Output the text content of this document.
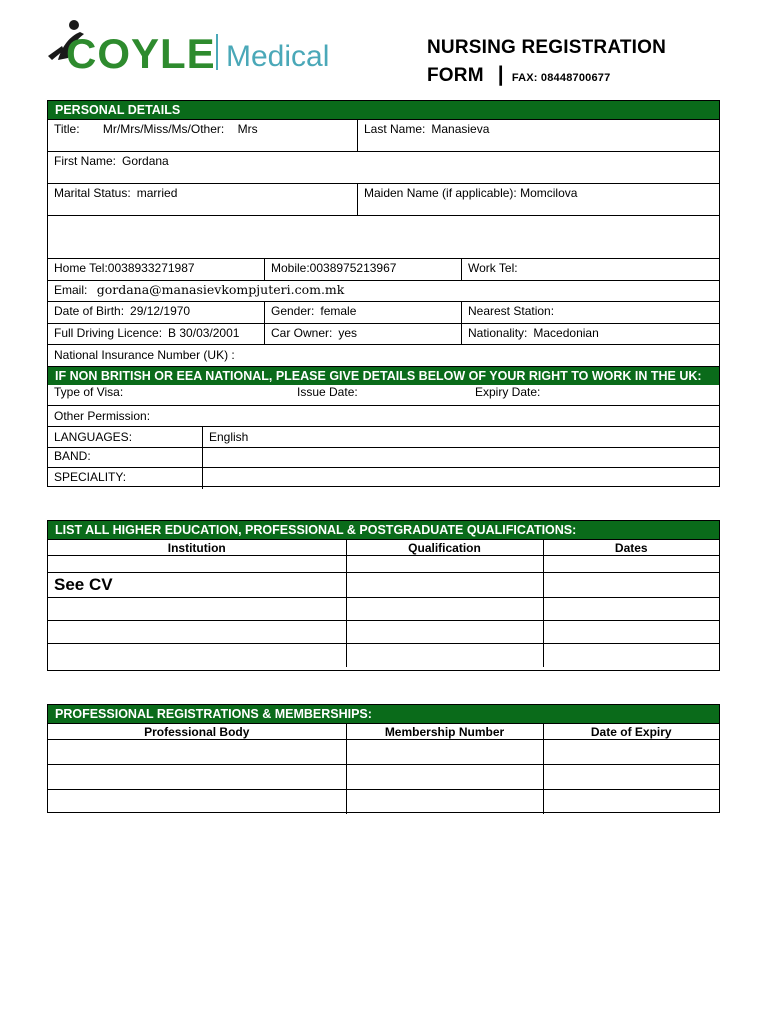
COYLE Medical	NURSING REGISTRATION
FORM | FAX: 08448700677
PERSONAL DETAILS
Title: Mr/Mrs/Miss/Ms/Other: Mrs	Last Name: Manasieva
First Name: Gordana
Marital Status: married	Maiden Name (if applicable): Momcilova
Home Tel:0038933271987	Mobile:0038975213967	Work Tel:
Email: gordana@manasievkompjuteri.com.mk
Date of Birth: 29/12/1970	Gender: female	Nearest Station:
Full Driving Licence: B 30/03/2001	Car Owner: yes	Nationality: Macedonian
National Insurance Number (UK) :
IF NON BRITISH OR EEA NATIONAL, PLEASE GIVE DETAILS BELOW OF YOUR RIGHT TO WORK IN THE UK:
Type of Visa:	Issue Date:	Expiry Date:
Other Permission:
LANGUAGES:	English
BAND:
SPECIALITY:
LIST ALL HIGHER EDUCATION, PROFESSIONAL & POSTGRADUATE QUALIFICATIONS:
Institution	Qualification	Dates

See CV		

PROFESSIONAL REGISTRATIONS & MEMBERSHIPS:
Professional Body	Membership Number	Date of Expiry
